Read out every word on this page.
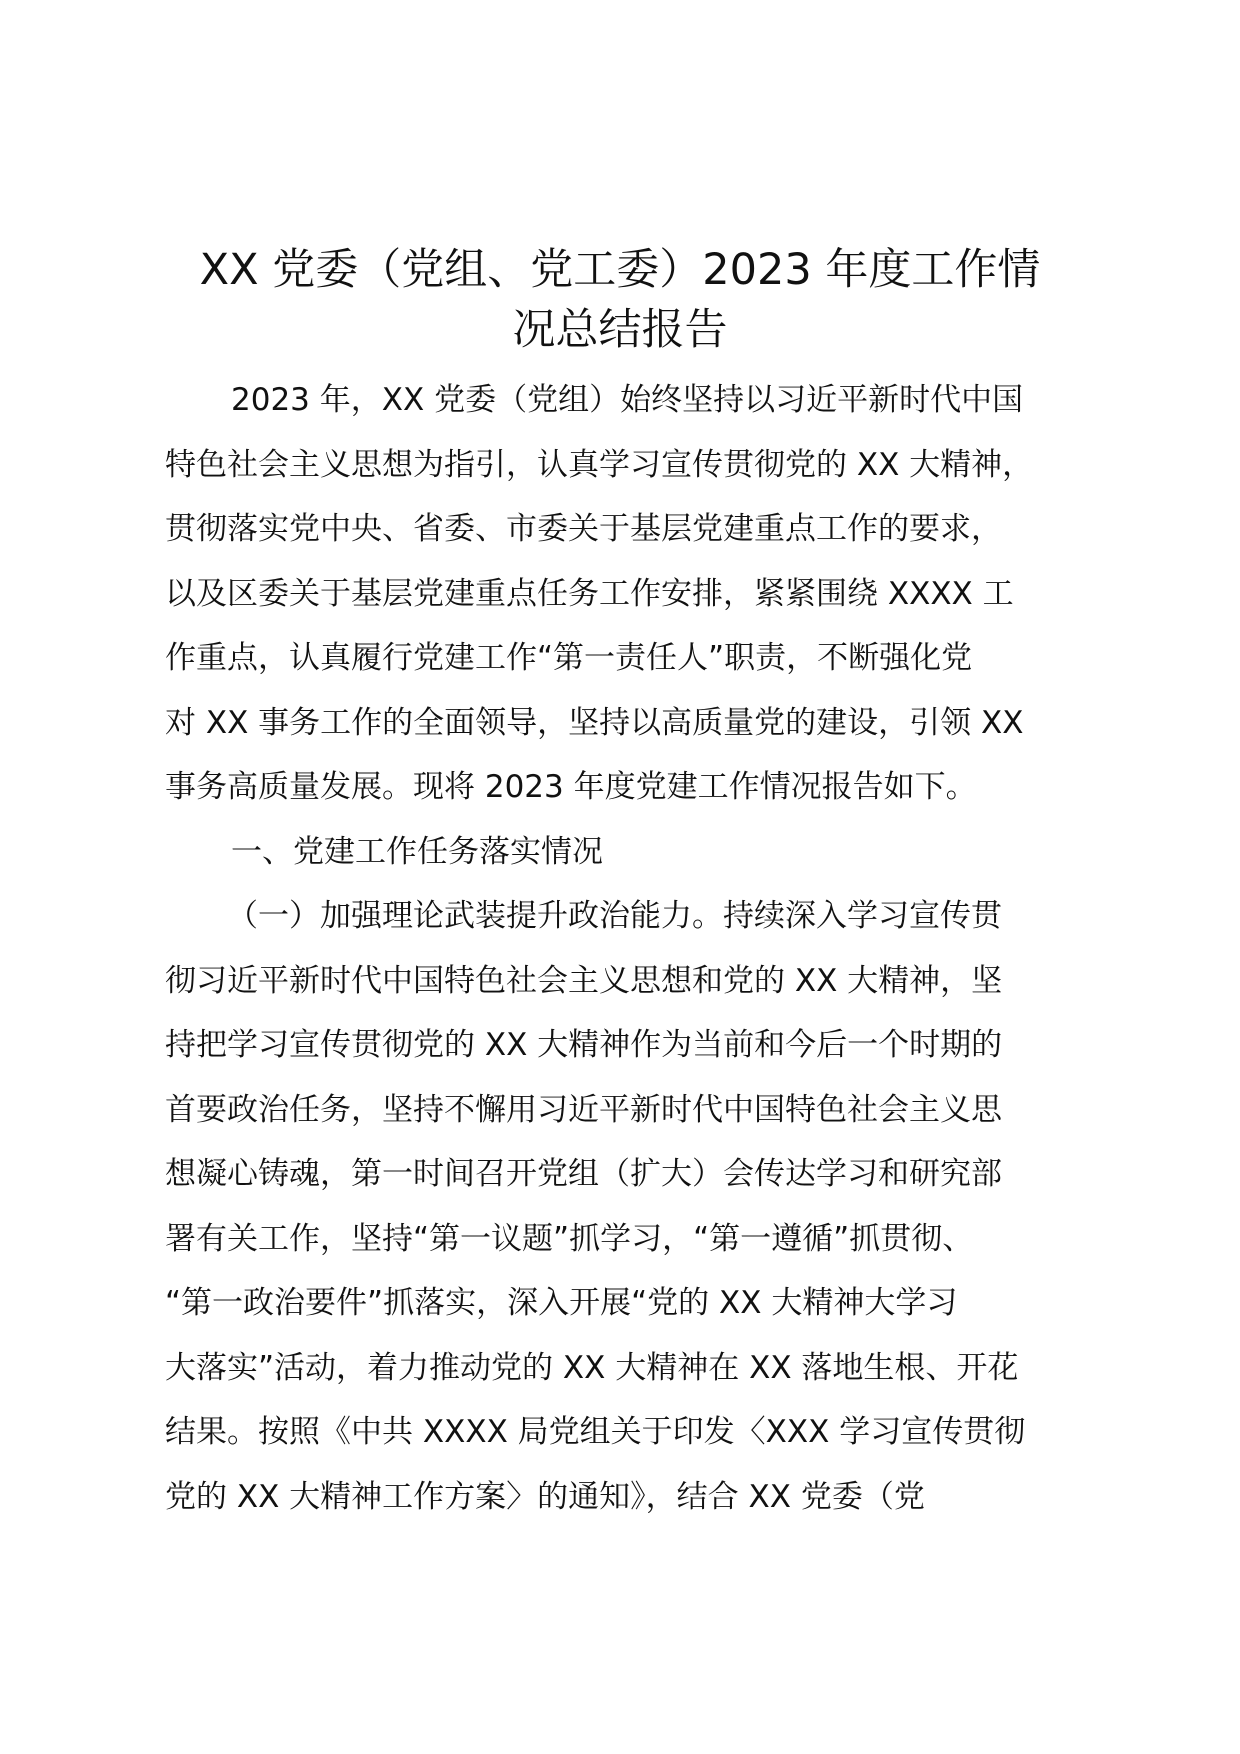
XX 党委（党组、党工委）2023 年度工作情
况总结报告
2023 年，XX 党委（党组）始终坚持以习近平新时代中国
特色社会主义思想为指引，认真学习宣传贯彻党的 XX 大精神，
贯彻落实党中央、省委、市委关于基层党建重点工作的要求，
以及区委关于基层党建重点任务工作安排，紧紧围绕 XXXX 工
作重点，认真履行党建工作“第一责任人”职责，不断强化党
对 XX 事务工作的全面领导，坚持以高质量党的建设，引领 XX
事务高质量发展。现将 2023 年度党建工作情况报告如下。
一、党建工作任务落实情况
（一）加强理论武装提升政治能力。持续深入学习宣传贯
彻习近平新时代中国特色社会主义思想和党的 XX 大精神，坚
持把学习宣传贯彻党的 XX 大精神作为当前和今后一个时期的
首要政治任务，坚持不懈用习近平新时代中国特色社会主义思
想凝心铸魂，第一时间召开党组（扩大）会传达学习和研究部
署有关工作，坚持“第一议题”抓学习，“第一遵循”抓贯彻、
“第一政治要件”抓落实，深入开展“党的 XX 大精神大学习
大落实”活动，着力推动党的 XX 大精神在 XX 落地生根、开花
结果。按照《中共 XXXX 局党组关于印发〈XXX 学习宣传贯彻
党的 XX 大精神工作方案〉的通知》，结合 XX 党委（党
